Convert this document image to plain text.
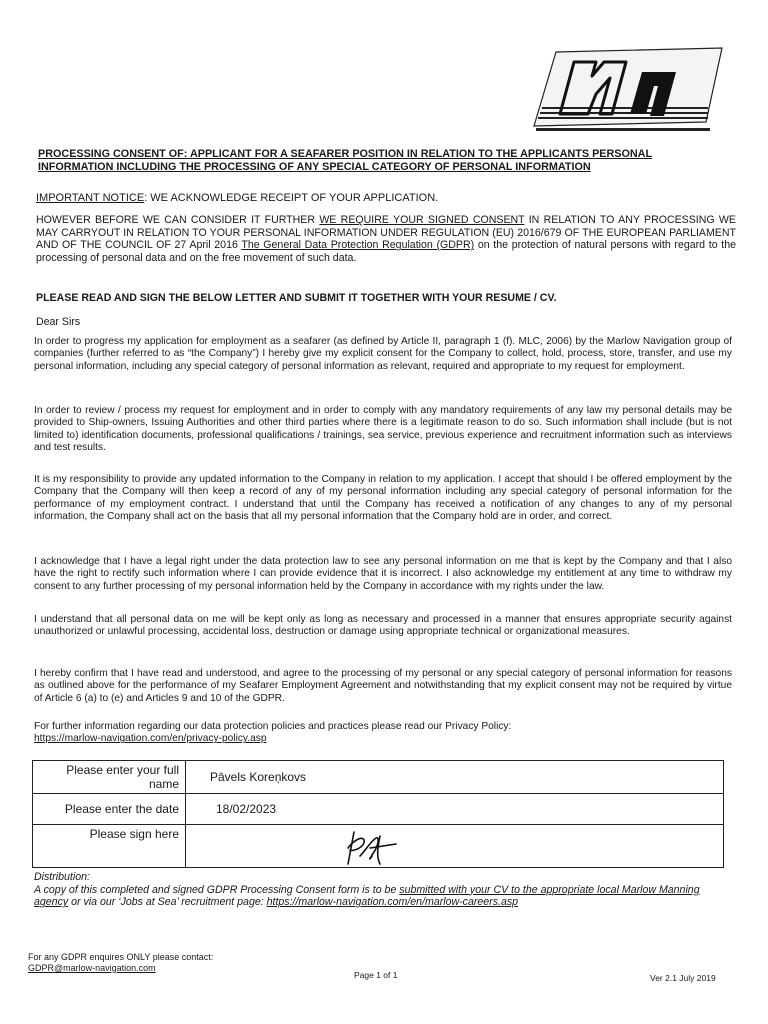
PROCESSING CONSENT OF: APPLICANT FOR A SEAFARER POSITION IN RELATION TO THE APPLICANTS PERSONAL
INFORMATION INCLUDING THE PROCESSING OF ANY SPECIAL CATEGORY OF PERSONAL INFORMATION
IMPORTANT NOTICE: WE ACKNOWLEDGE RECEIPT OF YOUR APPLICATION.
HOWEVER BEFORE WE CAN CONSIDER IT FURTHER WE REQUIRE YOUR SIGNED CONSENT IN RELATION TO ANY PROCESSING WE MAY CARRYOUT IN RELATION TO YOUR PERSONAL INFORMATION UNDER REGULATION (EU) 2016/679 OF THE EUROPEAN PARLIAMENT AND OF THE COUNCIL OF 27 April 2016 The General Data Protection Regulation (GDPR) on the protection of natural persons with regard to the processing of personal data and on the free movement of such data.
PLEASE READ AND SIGN THE BELOW LETTER AND SUBMIT IT TOGETHER WITH YOUR RESUME / CV.
Dear Sirs
In order to progress my application for employment as a seafarer (as defined by Article II, paragraph 1 (f). MLC, 2006) by the Marlow Navigation group of companies (further referred to as “the Company”) I hereby give my explicit consent for the Company to collect, hold, process, store, transfer, and use my personal information, including any special category of personal information as relevant, required and appropriate to my request for employment.
In order to review / process my request for employment and in order to comply with any mandatory requirements of any law my personal details may be provided to Ship-owners, Issuing Authorities and other third parties where there is a legitimate reason to do so. Such information shall include (but is not limited to) identification documents, professional qualifications / trainings, sea service, previous experience and recruitment information such as interviews and test results.
It is my responsibility to provide any updated information to the Company in relation to my application. I accept that should I be offered employment by the Company that the Company will then keep a record of any of my personal information including any special category of personal information for the performance of my employment contract. I understand that until the Company has received a notification of any changes to any of my personal information, the Company shall act on the basis that all my personal information that the Company hold are in order, and correct.
I acknowledge that I have a legal right under the data protection law to see any personal information on me that is kept by the Company and that I also have the right to rectify such information where I can provide evidence that it is incorrect. I also acknowledge my entitlement at any time to withdraw my consent to any further processing of my personal information held by the Company in accordance with my rights under the law.
I understand that all personal data on me will be kept only as long as necessary and processed in a manner that ensures appropriate security against unauthorized or unlawful processing, accidental loss, destruction or damage using appropriate technical or organizational measures.
I hereby confirm that I have read and understood, and agree to the processing of my personal or any special category of personal information for reasons as outlined above for the performance of my Seafarer Employment Agreement and notwithstanding that my explicit consent may not be required by virtue of Article 6 (a) to (e) and Articles 9 and 10 of the GDPR.
For further information regarding our data protection policies and practices please read our Privacy Policy:
https://marlow-navigation.com/en/privacy-policy.asp
Please enter your full
name	Pāvels Koreņkovs
Please enter the date	18/02/2023
Please sign here	
Distribution:
A copy of this completed and signed GDPR Processing Consent form is to be submitted with your CV to the appropriate local Marlow Manning agency or via our ‘Jobs at Sea’ recruitment page: https://marlow-navigation.com/en/marlow-careers.asp
For any GDPR enquires ONLY please contact:
GDPR@marlow-navigation.com
Page 1 of 1	Ver 2.1 July 2019
